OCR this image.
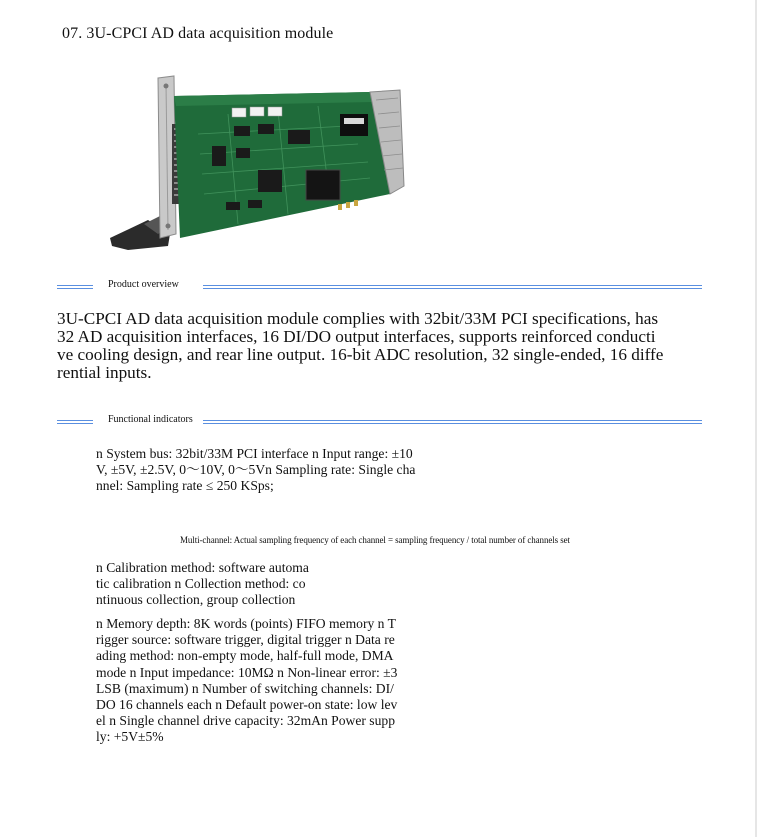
07. 3U-CPCI AD data acquisition module
Product overview
3U-CPCI AD data acquisition module complies with 32bit/33M PCI specifications, has
32 AD acquisition interfaces, 16 DI/DO output interfaces, supports reinforced conducti
ve cooling design, and rear line output. 16-bit ADC resolution, 32 single-ended, 16 diffe
rential inputs.
Functional indicators
n System bus: 32bit/33M PCI interface n Input range: ±10
V, ±5V, ±2.5V, 0〜10V, 0〜5Vn Sampling rate: Single cha
nnel: Sampling rate ≤ 250 KSps;
Multi-channel: Actual sampling frequency of each channel = sampling frequency / total number of channels set
n Calibration method: software automa
tic calibration n Collection method: co
ntinuous collection, group collection
n Memory depth: 8K words (points) FIFO memory n T
rigger source: software trigger, digital trigger n Data re
ading method: non-empty mode, half-full mode, DMA
mode n Input impedance: 10MΩ n Non-linear error: ±3
LSB (maximum) n Number of switching channels: DI/
DO 16 channels each n Default power-on state: low lev
el n Single channel drive capacity: 32mAn Power supp
ly: +5V±5%
